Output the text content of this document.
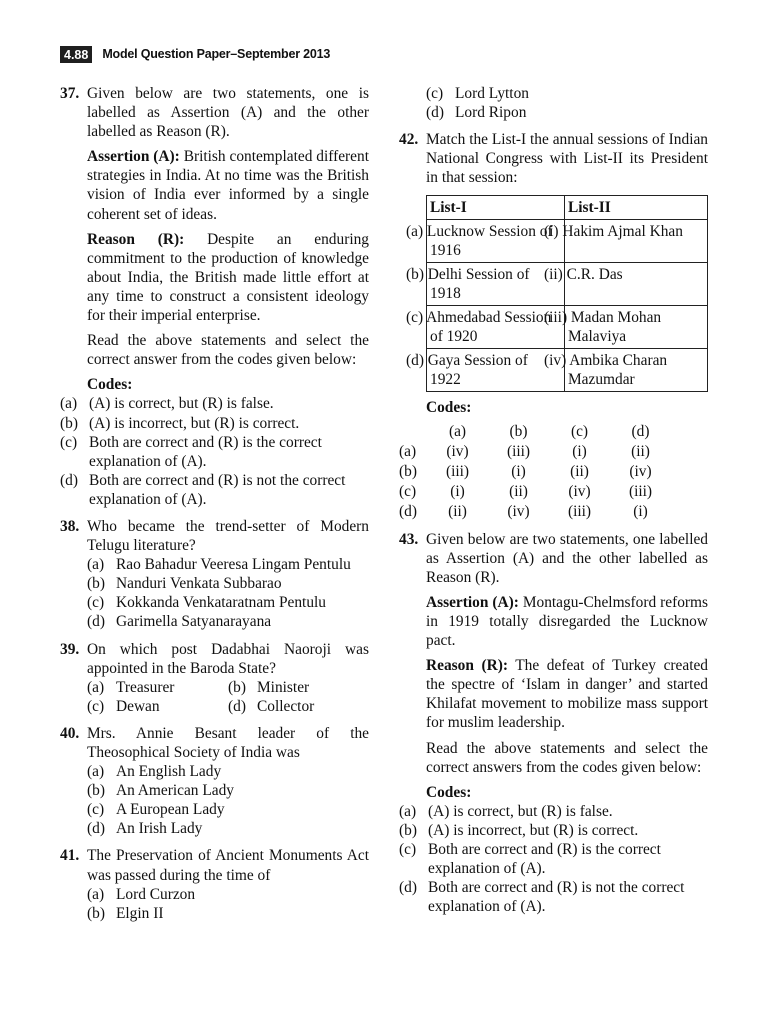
4.88	Model Question Paper–September 2013
37. Given below are two statements, one is labelled as Assertion (A) and the other labelled as Reason (R).
Assertion (A): British contemplated different strategies in India. At no time was the British vision of India ever informed by a single coherent set of ideas.
Reason (R): Despite an enduring commitment to the production of knowledge about India, the British made little effort at any time to construct a consistent ideology for their imperial enterprise.
Read the above statements and select the correct answer from the codes given below:
Codes:
(a) (A) is correct, but (R) is false.
(b) (A) is incorrect, but (R) is correct.
(c) Both are correct and (R) is the correct explanation of (A).
(d) Both are correct and (R) is not the correct explanation of (A).
38. Who became the trend-setter of Modern Telugu literature?
(a) Rao Bahadur Veeresa Lingam Pentulu
(b) Nanduri Venkata Subbarao
(c) Kokkanda Venkataratnam Pentulu
(d) Garimella Satyanarayana
39. On which post Dadabhai Naoroji was appointed in the Baroda State?
(a) Treasurer	(b) Minister
(c) Dewan	(d) Collector
40. Mrs. Annie Besant leader of the Theosophical Society of India was
(a) An English Lady
(b) An American Lady
(c) A European Lady
(d) An Irish Lady
41. The Preservation of Ancient Monuments Act was passed during the time of
(a) Lord Curzon
(b) Elgin II
(c) Lord Lytton
(d) Lord Ripon
42. Match the List-I the annual sessions of Indian National Congress with List-II its President in that session:
List-I	List-II
(a) Lucknow Session of 1916	(i) Hakim Ajmal Khan
(b) Delhi Session of 1918	(ii) C.R. Das
(c) Ahmedabad Session of 1920	(iii) Madan Mohan Malaviya
(d) Gaya Session of 1922	(iv) Ambika Charan Mazumdar
Codes:
(a)	(b)	(c)	(d)
(a)	(iv)	(iii)	(i)	(ii)
(b)	(iii)	(i)	(ii)	(iv)
(c)	(i)	(ii)	(iv)	(iii)
(d)	(ii)	(iv)	(iii)	(i)
43. Given below are two statements, one labelled as Assertion (A) and the other labelled as Reason (R).
Assertion (A): Montagu-Chelmsford reforms in 1919 totally disregarded the Lucknow pact.
Reason (R): The defeat of Turkey created the spectre of ‘Islam in danger’ and started Khilafat movement to mobilize mass support for muslim leadership.
Read the above statements and select the correct answers from the codes given below:
Codes:
(a) (A) is correct, but (R) is false.
(b) (A) is incorrect, but (R) is correct.
(c) Both are correct and (R) is the correct explanation of (A).
(d) Both are correct and (R) is not the correct explanation of (A).
